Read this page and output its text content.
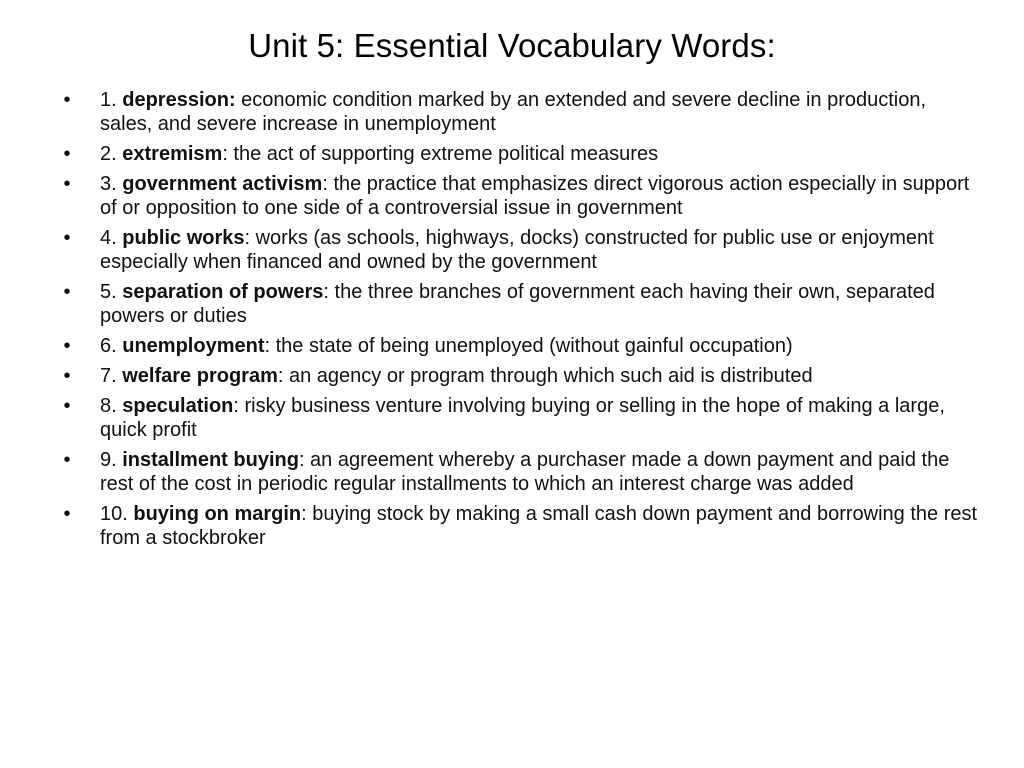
Unit 5: Essential Vocabulary Words:
• 1. depression: economic condition marked by an extended and severe decline in production, sales, and severe increase in unemployment
• 2. extremism: the act of supporting extreme political measures
• 3. government activism: the practice that emphasizes direct vigorous action especially in support of or opposition to one side of a controversial issue in government
• 4. public works: works (as schools, highways, docks) constructed for public use or enjoyment especially when financed and owned by the government
• 5. separation of powers: the three branches of government each having their own, separated powers or duties
• 6. unemployment: the state of being unemployed (without gainful occupation)
• 7. welfare program: an agency or program through which such aid is distributed
• 8. speculation: risky business venture involving buying or selling in the hope of making a large, quick profit
• 9. installment buying: an agreement whereby a purchaser made a down payment and paid the rest of the cost in periodic regular installments to which an interest charge was added
• 10. buying on margin: buying stock by making a small cash down payment and borrowing the rest from a stockbroker
